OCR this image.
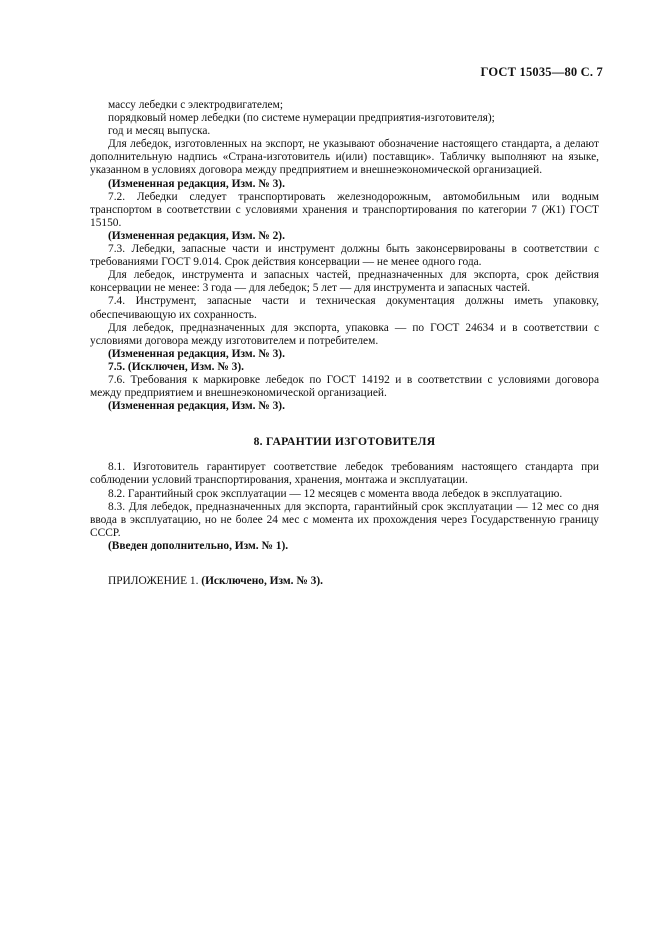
ГОСТ 15035—80 С. 7

массу лебедки с электродвигателем;

порядковый номер лебедки (по системе нумерации предприятия-изготовителя);

год и месяц выпуска.

Для лебедок, изготовленных на экспорт, не указывают обозначение настоящего стандарта, а делают дополнительную надпись «Страна-изготовитель и(или) поставщик». Табличку выполняют на языке, указанном в условиях договора между предприятием и внешнеэкономической организацией.

(Измененная редакция, Изм. № 3).

7.2. Лебедки следует транспортировать железнодорожным, автомобильным или водным транспортом в соответствии с условиями хранения и транспортирования по категории 7 (Ж1) ГОСТ 15150.

(Измененная редакция, Изм. № 2).

7.3. Лебедки, запасные части и инструмент должны быть законсервированы в соответствии с требованиями ГОСТ 9.014. Срок действия консервации — не менее одного года.

Для лебедок, инструмента и запасных частей, предназначенных для экспорта, срок действия консервации не менее: 3 года — для лебедок; 5 лет — для инструмента и запасных частей.

7.4. Инструмент, запасные части и техническая документация должны иметь упаковку, обеспечивающую их сохранность.

Для лебедок, предназначенных для экспорта, упаковка — по ГОСТ 24634 и в соответствии с условиями договора между изготовителем и потребителем.

(Измененная редакция, Изм. № 3).

7.5. (Исключен, Изм. № 3).

7.6. Требования к маркировке лебедок по ГОСТ 14192 и в соответствии с условиями договора между предприятием и внешнеэкономической организацией.

(Измененная редакция, Изм. № 3).

8. ГАРАНТИИ ИЗГОТОВИТЕЛЯ

8.1. Изготовитель гарантирует соответствие лебедок требованиям настоящего стандарта при соблюдении условий транспортирования, хранения, монтажа и эксплуатации.

8.2. Гарантийный срок эксплуатации — 12 месяцев с момента ввода лебедок в эксплуатацию.

8.3. Для лебедок, предназначенных для экспорта, гарантийный срок эксплуатации — 12 мес со дня ввода в эксплуатацию, но не более 24 мес с момента их прохождения через Государственную границу СССР.

(Введен дополнительно, Изм. № 1).

ПРИЛОЖЕНИЕ 1. (Исключено, Изм. № 3).
